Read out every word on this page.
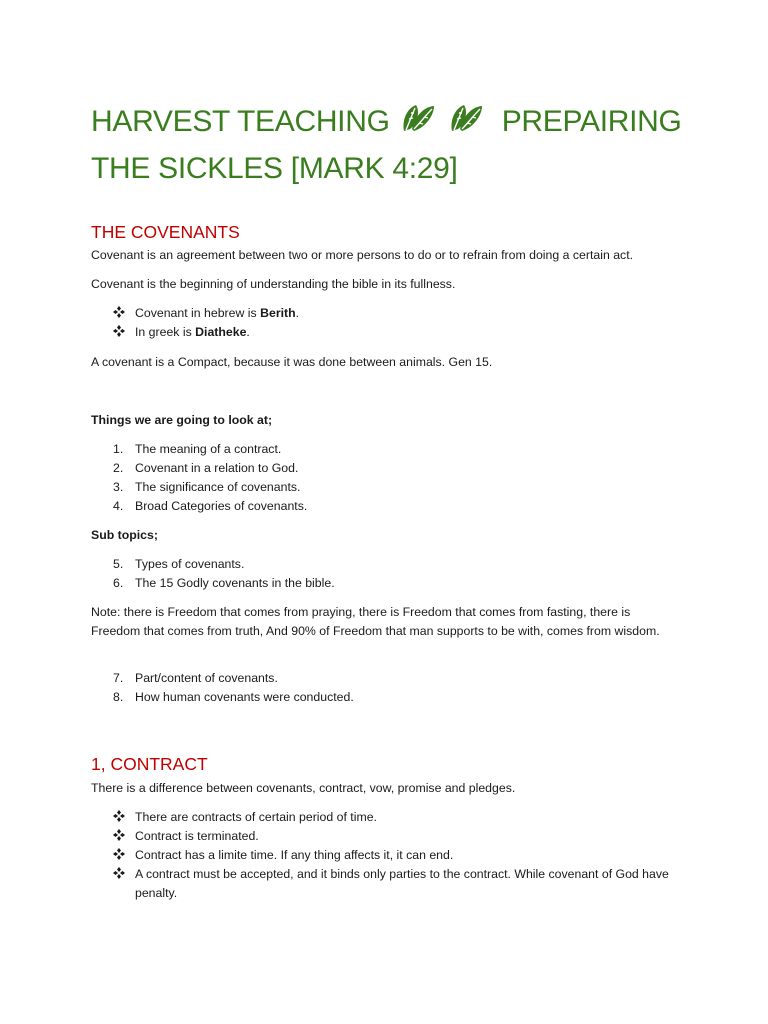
HARVEST TEACHING	PREPAIRING
THE SICKLES [MARK 4:29]
THE COVENANTS

Covenant is an agreement between two or more persons to do or to refrain from doing a certain act.

Covenant is the beginning of understanding the bible in its fullness.

Covenant in hebrew is Berith.
In greek is Diatheke.

A covenant is a Compact, because it was done between animals. Gen 15.

Things we are going to look at;

1. The meaning of a contract.
2. Covenant in a relation to God.
3. The significance of covenants.
4. Broad Categories of covenants.

Sub topics;

5. Types of covenants.
6. The 15 Godly covenants in the bible.

Note: there is Freedom that comes from praying, there is Freedom that comes from fasting, there is Freedom that comes from truth, And 90% of Freedom that man supports to be with, comes from wisdom.

7. Part/content of covenants.
8. How human covenants were conducted.
1, CONTRACT

There is a difference between covenants, contract, vow, promise and pledges.

There are contracts of certain period of time.
Contract is terminated.
Contract has a limite time. If any thing affects it, it can end.
A contract must be accepted, and it binds only parties to the contract. While covenant of God have penalty.
